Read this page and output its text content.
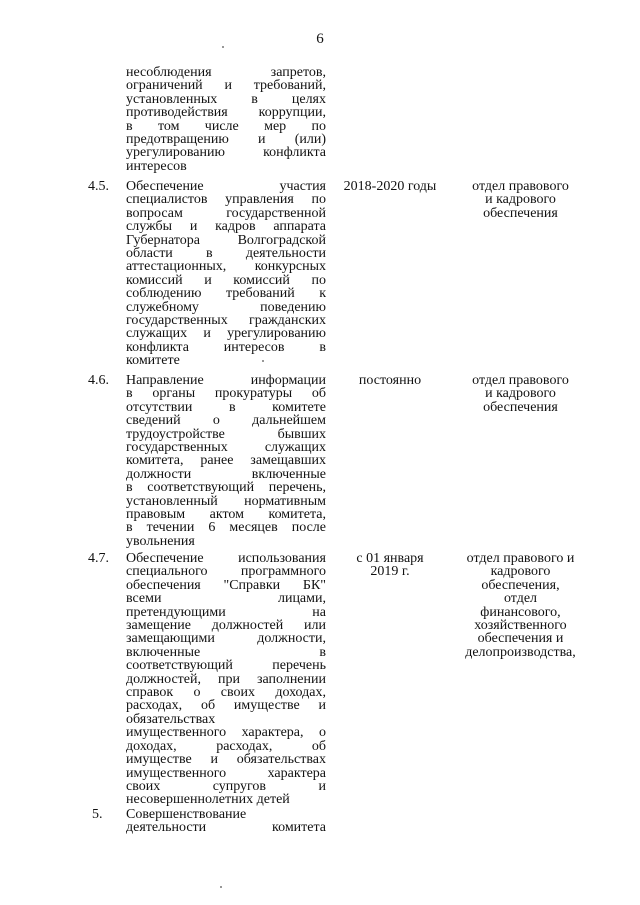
6
несоблюдения запретов,
ограничений и требований,
установленных в целях
противодействия коррупции,
в том числе мер по
предотвращению и (или)
урегулированию конфликта
интересов
4.5. Обеспечение участия
специалистов управления по
вопросам государственной
службы и кадров аппарата
Губернатора Волгоградской
области в деятельности
аттестационных, конкурсных
комиссий и комиссий по
соблюдению требований к
служебному поведению
государственных гражданских
служащих и урегулированию
конфликта интересов в
комитете
2018-2020 годы	отдел правового
и кадрового
обеспечения
4.6. Направление информации
в органы прокуратуры об
отсутствии в комитете
сведений о дальнейшем
трудоустройстве бывших
государственных служащих
комитета, ранее замещавших
должности включенные
в соответствующий перечень,
установленный нормативным
правовым актом комитета,
в течении 6 месяцев после
увольнения
постоянно	отдел правового
и кадрового
обеспечения
4.7. Обеспечение использования
специального программного
обеспечения "Справки БК"
всеми лицами,
претендующими на
замещение должностей или
замещающими должности,
включенные в
соответствующий перечень
должностей, при заполнении
справок о своих доходах,
расходах, об имуществе и
обязательствах
имущественного характера, о
доходах, расходах, об
имуществе и обязательствах
имущественного характера
своих супругов и
несовершеннолетних детей
с 01 января
2019 г.
отдел правового и
кадрового
обеспечения,
отдел
финансового,
хозяйственного
обеспечения и
делопроизводства,
5. Совершенствование
деятельности комитета
